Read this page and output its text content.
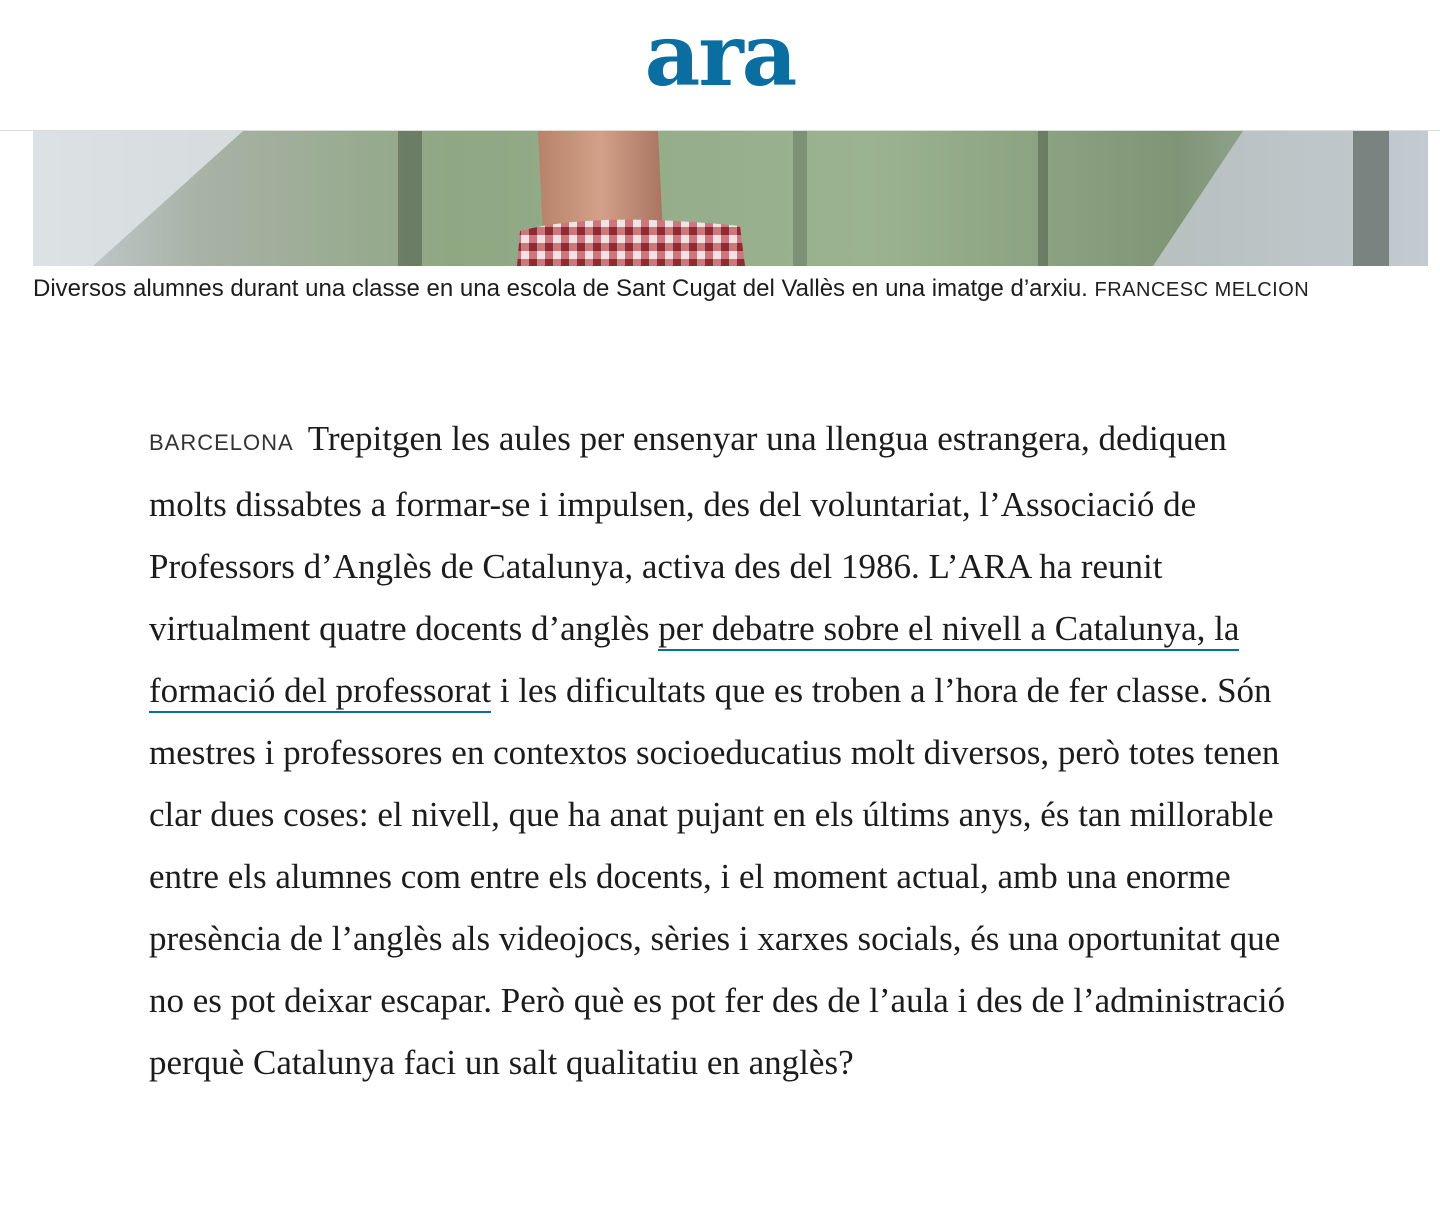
ara
Diversos alumnes durant una classe en una escola de Sant Cugat del Vallès en una imatge d’arxiu. FRANCESC MELCION

BARCELONA Trepitgen les aules per ensenyar una llengua estrangera, dediquen molts dissabtes a formar-se i impulsen, des del voluntariat, l’Associació de Professors d’Anglès de Catalunya, activa des del 1986. L’ARA ha reunit virtualment quatre docents d’anglès per debatre sobre el nivell a Catalunya, la formació del professorat i les dificultats que es troben a l’hora de fer classe. Són mestres i professores en contextos socioeducatius molt diversos, però totes tenen clar dues coses: el nivell, que ha anat pujant en els últims anys, és tan millorable entre els alumnes com entre els docents, i el moment actual, amb una enorme presència de l’anglès als videojocs, sèries i xarxes socials, és una oportunitat que no es pot deixar escapar. Però què es pot fer des de l’aula i des de l’administració perquè Catalunya faci un salt qualitatiu en anglès?
